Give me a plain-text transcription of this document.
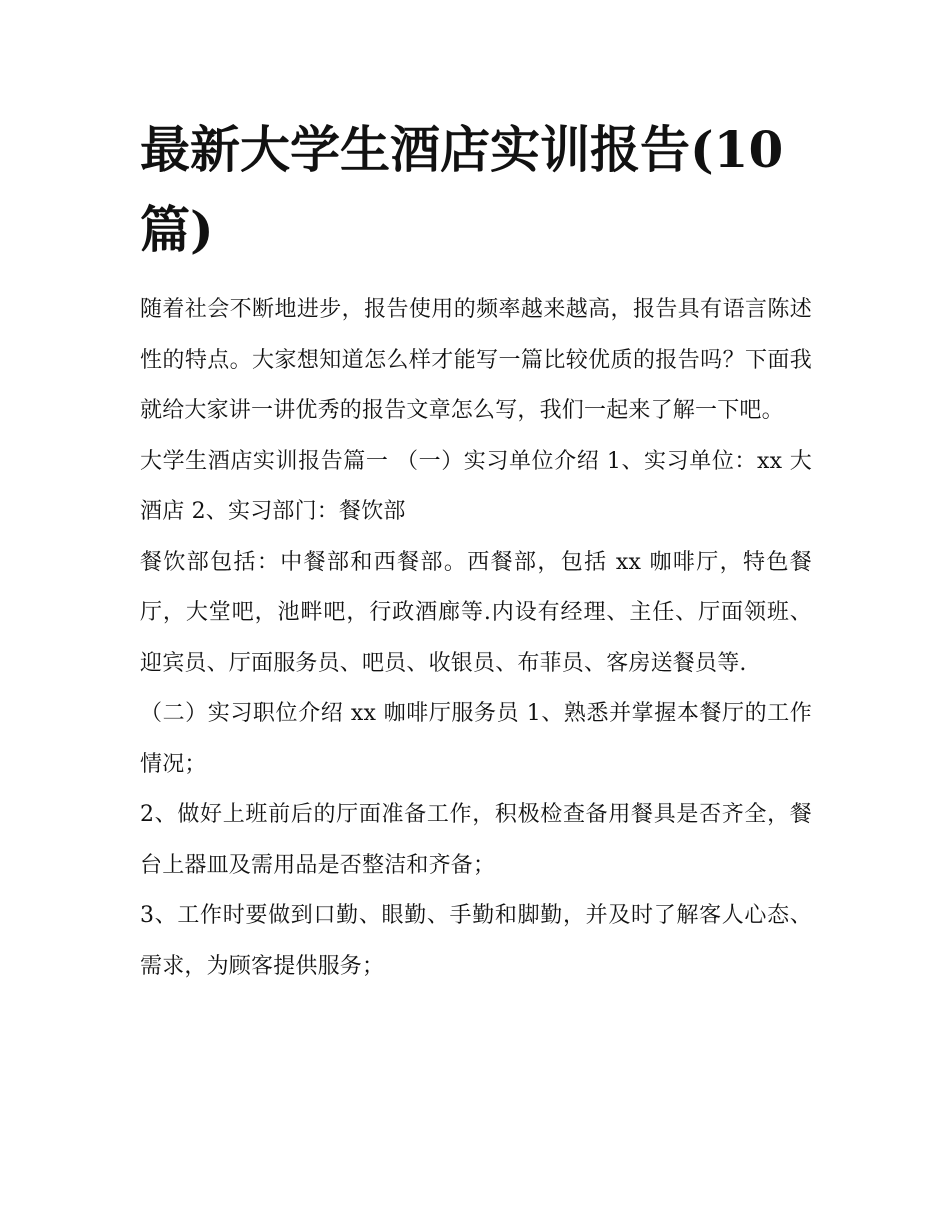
最新大学生酒店实训报告(10篇)

随着社会不断地进步，报告使用的频率越来越高，报告具有语言陈述性的特点。大家想知道怎么样才能写一篇比较优质的报告吗？下面我就给大家讲一讲优秀的报告文章怎么写，我们一起来了解一下吧。

大学生酒店实训报告篇一 （一）实习单位介绍 1、实习单位：xx 大酒店 2、实习部门：餐饮部

餐饮部包括：中餐部和西餐部。西餐部，包括 xx 咖啡厅，特色餐厅，大堂吧，池畔吧，行政酒廊等.内设有经理、主任、厅面领班、迎宾员、厅面服务员、吧员、收银员、布菲员、客房送餐员等.

（二）实习职位介绍 xx 咖啡厅服务员 1、熟悉并掌握本餐厅的工作情况；

2、做好上班前后的厅面准备工作，积极检查备用餐具是否齐全，餐台上器皿及需用品是否整洁和齐备；

3、工作时要做到口勤、眼勤、手勤和脚勤，并及时了解客人心态、需求，为顾客提供服务；
